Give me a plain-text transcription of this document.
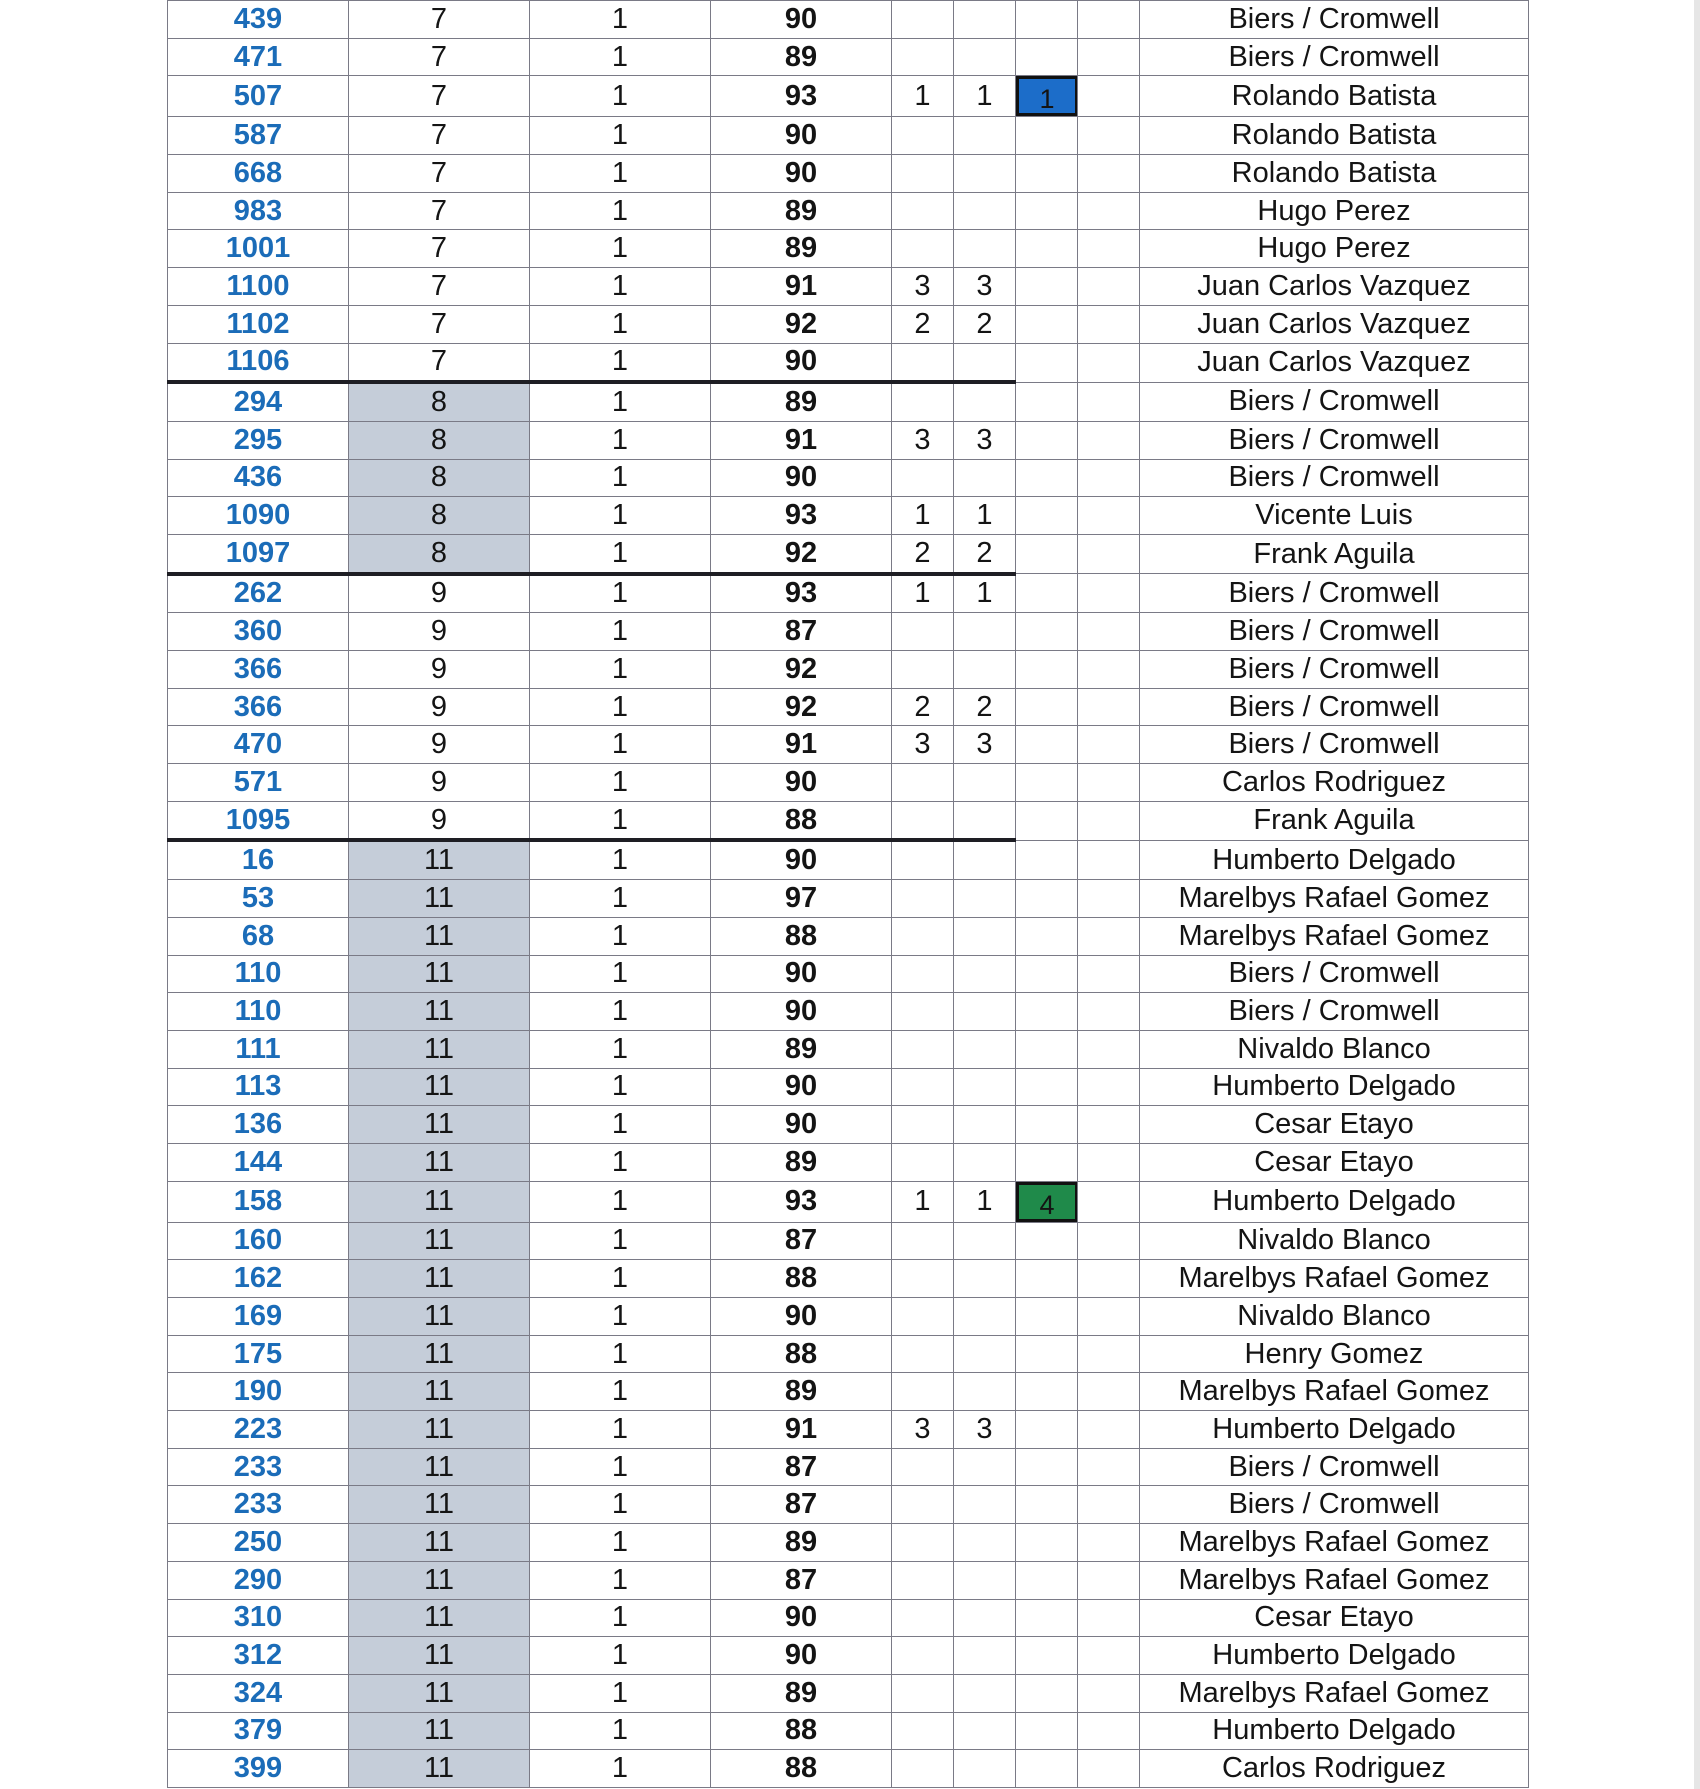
439	7	1	90					Biers / Cromwell
471	7	1	89					Biers / Cromwell
507	7	1	93	1	1	1		Rolando Batista
587	7	1	90					Rolando Batista
668	7	1	90					Rolando Batista
983	7	1	89					Hugo Perez
1001	7	1	89					Hugo Perez
1100	7	1	91	3	3			Juan Carlos Vazquez
1102	7	1	92	2	2			Juan Carlos Vazquez
1106	7	1	90					Juan Carlos Vazquez
294	8	1	89					Biers / Cromwell
295	8	1	91	3	3			Biers / Cromwell
436	8	1	90					Biers / Cromwell
1090	8	1	93	1	1			Vicente Luis
1097	8	1	92	2	2			Frank Aguila
262	9	1	93	1	1			Biers / Cromwell
360	9	1	87					Biers / Cromwell
366	9	1	92					Biers / Cromwell
366	9	1	92	2	2			Biers / Cromwell
470	9	1	91	3	3			Biers / Cromwell
571	9	1	90					Carlos Rodriguez
1095	9	1	88					Frank Aguila
16	11	1	90					Humberto Delgado
53	11	1	97					Marelbys Rafael Gomez
68	11	1	88					Marelbys Rafael Gomez
110	11	1	90					Biers / Cromwell
110	11	1	90					Biers / Cromwell
111	11	1	89					Nivaldo Blanco
113	11	1	90					Humberto Delgado
136	11	1	90					Cesar Etayo
144	11	1	89					Cesar Etayo
158	11	1	93	1	1	4		Humberto Delgado
160	11	1	87					Nivaldo Blanco
162	11	1	88					Marelbys Rafael Gomez
169	11	1	90					Nivaldo Blanco
175	11	1	88					Henry Gomez
190	11	1	89					Marelbys Rafael Gomez
223	11	1	91	3	3			Humberto Delgado
233	11	1	87					Biers / Cromwell
233	11	1	87					Biers / Cromwell
250	11	1	89					Marelbys Rafael Gomez
290	11	1	87					Marelbys Rafael Gomez
310	11	1	90					Cesar Etayo
312	11	1	90					Humberto Delgado
324	11	1	89					Marelbys Rafael Gomez
379	11	1	88					Humberto Delgado
399	11	1	88					Carlos Rodriguez
